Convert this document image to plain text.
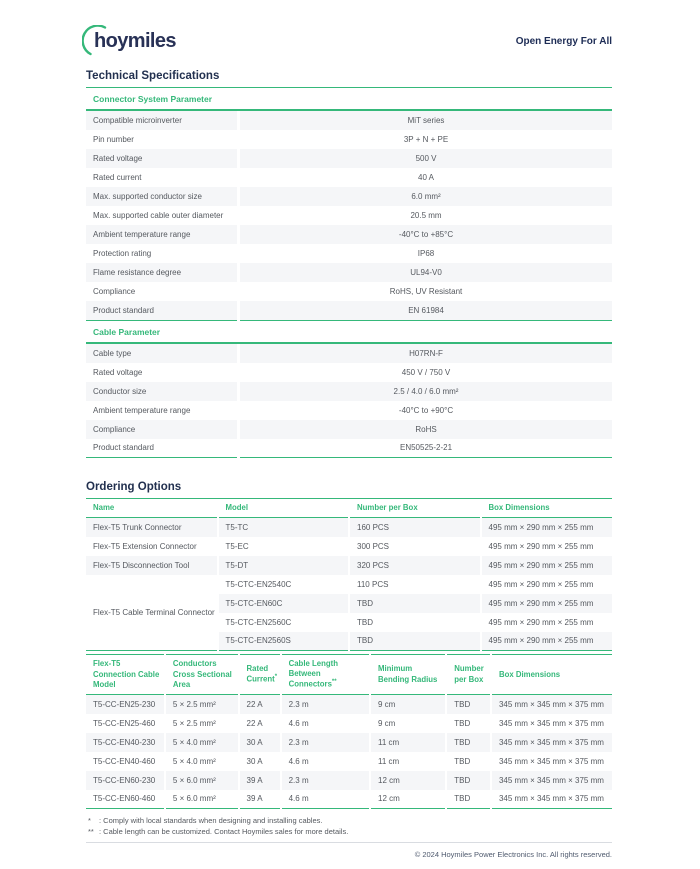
hoymiles	Open Energy For All
Technical Specifications
Connector System Parameter
Compatible microinverter	MiT series
Pin number	3P + N + PE
Rated voltage	500 V
Rated current	40 A
Max. supported conductor size	6.0 mm²
Max. supported cable outer diameter	20.5 mm
Ambient temperature range	-40°C to +85°C
Protection rating	IP68
Flame resistance degree	UL94-V0
Compliance	RoHS, UV Resistant
Product standard	EN 61984
Cable Parameter
Cable type	H07RN-F
Rated voltage	450 V / 750 V
Conductor size	2.5 / 4.0 / 6.0 mm²
Ambient temperature range	-40°C to +90°C
Compliance	RoHS
Product standard	EN50525-2-21
Ordering Options
Name	Model	Number per Box	Box Dimensions
Flex-T5 Trunk Connector	T5-TC	160 PCS	495 mm × 290 mm × 255 mm
Flex-T5 Extension Connector	T5-EC	300 PCS	495 mm × 290 mm × 255 mm
Flex-T5 Disconnection Tool	T5-DT	320 PCS	495 mm × 290 mm × 255 mm
Flex-T5 Cable Terminal Connector	T5-CTC-EN2540C	110 PCS	495 mm × 290 mm × 255 mm
	T5-CTC-EN60C	TBD	495 mm × 290 mm × 255 mm
	T5-CTC-EN2560C	TBD	495 mm × 290 mm × 255 mm
	T5-CTC-EN2560S	TBD	495 mm × 290 mm × 255 mm
Flex-T5 Connection Cable Model	Conductors Cross Sectional Area	Rated Current*	Cable Length Between Connectors**	Minimum Bending Radius	Number per Box	Box Dimensions
T5-CC-EN25-230	5 × 2.5 mm²	22 A	2.3 m	9 cm	TBD	345 mm × 345 mm × 375 mm
T5-CC-EN25-460	5 × 2.5 mm²	22 A	4.6 m	9 cm	TBD	345 mm × 345 mm × 375 mm
T5-CC-EN40-230	5 × 4.0 mm²	30 A	2.3 m	11 cm	TBD	345 mm × 345 mm × 375 mm
T5-CC-EN40-460	5 × 4.0 mm²	30 A	4.6 m	11 cm	TBD	345 mm × 345 mm × 375 mm
T5-CC-EN60-230	5 × 6.0 mm²	39 A	2.3 m	12 cm	TBD	345 mm × 345 mm × 375 mm
T5-CC-EN60-460	5 × 6.0 mm²	39 A	4.6 m	12 cm	TBD	345 mm × 345 mm × 375 mm
* : Comply with local standards when designing and installing cables.
** : Cable length can be customized. Contact Hoymiles sales for more details.
© 2024 Hoymiles Power Electronics Inc. All rights reserved.
